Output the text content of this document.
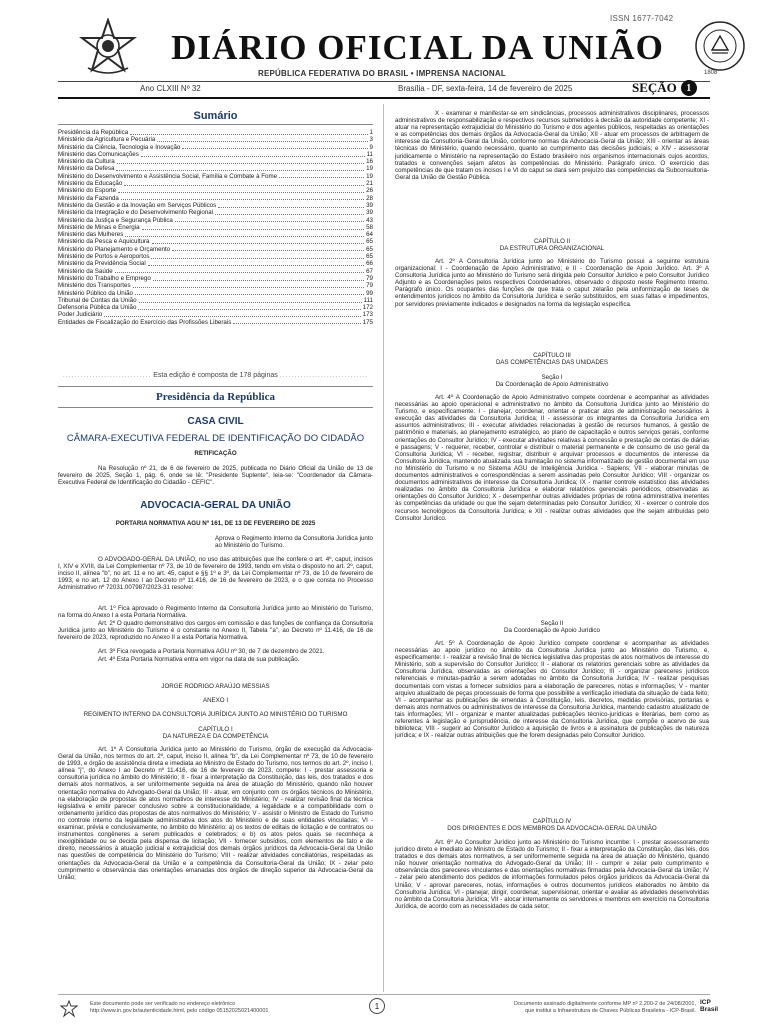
ISSN 1677-7042
DIÁRIO OFICIAL DA UNIÃO
REPÚBLICA FEDERATIVA DO BRASIL • IMPRENSA NACIONAL	1808
Ano CLXIII Nº 32	Brasília - DF, sexta-feira, 14 de fevereiro de 2025	SEÇÃO 1
Sumário
Presidência da República	1
Ministério da Agricultura e Pecuária	3
Ministério da Ciência, Tecnologia e Inovação	9
Ministério das Comunicações	11
Ministério da Cultura	16
Ministério da Defesa	19
Ministério do Desenvolvimento e Assistência Social, Família e Combate à Fome	19
Ministério da Educação	21
Ministério do Esporte	26
Ministério da Fazenda	28
Ministério da Gestão e da Inovação em Serviços Públicos	39
Ministério da Integração e do Desenvolvimento Regional	39
Ministério da Justiça e Segurança Pública	43
Ministério de Minas e Energia	58
Ministério das Mulheres	64
Ministério da Pesca e Aquicultura	65
Ministério do Planejamento e Orçamento	65
Ministério de Portos e Aeroportos	65
Ministério da Previdência Social	66
Ministério da Saúde	67
Ministério do Trabalho e Emprego	79
Ministério dos Transportes	79
Ministério Público da União	99
Tribunal de Contas da União	111
Defensoria Pública da União	172
Poder Judiciário	173
Entidades de Fiscalização do Exercício das Profissões Liberais	175
.............................. Esta edição é composta de 178 páginas ..............................
Presidência da República
CASA CIVIL
CÂMARA-EXECUTIVA FEDERAL DE IDENTIFICAÇÃO DO CIDADÃO
RETIFICAÇÃO
Na Resolução nº 21, de 6 de fevereiro de 2025, publicada no Diário Oficial da União de 13 de fevereiro de 2025, Seção 1, pág. 6, onde se lê: "Presidente Suplente", leia-se: "Coordenador da Câmara-Executiva Federal de Identificação do Cidadão - CEFIC".
ADVOCACIA-GERAL DA UNIÃO
PORTARIA NORMATIVA AGU Nº 161, DE 13 DE FEVEREIRO DE 2025
Aprova o Regimento Interno da Consultoria Jurídica junto ao Ministério do Turismo.
O ADVOGADO-GERAL DA UNIÃO, no uso das atribuições que lhe confere o art. 4º, caput, incisos I, XIV e XVIII, da Lei Complementar nº 73, de 10 de fevereiro de 1993, tendo em vista o disposto no art. 2º, caput, inciso II, alínea "b", no art. 11 e no art. 45, caput e §§ 1º e 3º, da Lei Complementar nº 73, de 10 de fevereiro de 1993, e no art. 12 do Anexo I ao Decreto nº 11.416, de 16 de fevereiro de 2023, e o que consta no Processo Administrativo nº 72031.007987/2023-31 resolve:
Art. 1º Fica aprovado o Regimento Interno da Consultoria Jurídica junto ao Ministério do Turismo, na forma do Anexo I a esta Portaria Normativa.
Art. 2º O quadro demonstrativo dos cargos em comissão e das funções de confiança da Consultoria Jurídica junto ao Ministério do Turismo é o constante no Anexo II, Tabela "a", ao Decreto nº 11.416, de 16 de fevereiro de 2023, reproduzido no Anexo II a esta Portaria Normativa.
Art. 3º Fica revogada a Portaria Normativa AGU nº 30, de 7 de dezembro de 2021.
Art. 4º Esta Portaria Normativa entra em vigor na data de sua publicação.
JORGE RODRIGO ARAÚJO MESSIAS
ANEXO I
REGIMENTO INTERNO DA CONSULTORIA JURÍDICA JUNTO AO MINISTÉRIO DO TURISMO
CAPÍTULO I
DA NATUREZA E DA COMPETÊNCIA
Art. 1º À Consultoria Jurídica junto ao Ministério do Turismo, órgão de execução da Advocacia-Geral da União, nos termos do art. 2º, caput, inciso II, alínea "b", da Lei Complementar nº 73, de 10 de fevereiro de 1993, e órgão de assistência direta e imediata ao Ministro de Estado do Turismo, nos termos do art. 2º, inciso I, alínea "j", do Anexo I ao Decreto nº 11.416, de 16 de fevereiro de 2023, compete: I - prestar assessoria e consultoria jurídica no âmbito do Ministério; II - fixar a interpretação da Constituição, das leis, dos tratados e dos demais atos normativos, a ser uniformemente seguida na área de atuação do Ministério, quando não houver orientação normativa do Advogado-Geral da União; III - atuar, em conjunto com os órgãos técnicos do Ministério, na elaboração de propostas de atos normativos de interesse do Ministério; IV - realizar revisão final da técnica legislativa e emitir parecer conclusivo sobre a constitucionalidade, a legalidade e a compatibilidade com o ordenamento jurídico das propostas de atos normativos do Ministério; V - assistir o Ministro de Estado do Turismo no controle interno da legalidade administrativa dos atos do Ministério e de suas entidades vinculadas; VI - examinar, prévia e conclusivamente, no âmbito do Ministério: a) os textos de editais de licitação e de contratos ou instrumentos congêneres a serem publicados e celebrados; e b) os atos pelos quais se reconheça a inexigibilidade ou se decida pela dispensa de licitação; VII - fornecer subsídios, com elementos de fato e de direito, necessários à atuação judicial e extrajudicial dos demais órgãos jurídicos da Advocacia-Geral da União nas questões de competência do Ministério do Turismo; VIII - realizar atividades conciliatórias, respeitadas as orientações da Advocacia-Geral da União e a competência da Consultoria-Geral da União; IX - zelar pelo cumprimento e observância das orientações emanadas dos órgãos de direção superior da Advocacia-Geral da União;
X - examinar e manifestar-se em sindicâncias, processos administrativos disciplinares, processos administrativos de responsabilização e respectivos recursos submetidos à decisão da autoridade competente; XI - atuar na representação extrajudicial do Ministério do Turismo e dos agentes públicos, respeitadas as orientações e as competências dos demais órgãos da Advocacia-Geral da União; XII - atuar em processos de arbitragem de interesse da Consultoria-Geral da União, conforme normas da Advocacia-Geral da União; XIII - orientar as áreas técnicas do Ministério, quando necessário, quanto ao cumprimento das decisões judiciais; e XIV - assessorar juridicamente o Ministério na representação do Estado brasileiro nos organismos internacionais cujos acordos, tratados e convenções sejam afetos às competências do Ministério. Parágrafo único. O exercício das competências de que tratam os incisos I e VI do caput se dará sem prejuízo das competências da Subconsultoria-Geral da União de Gestão Pública.
CAPÍTULO II
DA ESTRUTURA ORGANIZACIONAL
Art. 2º A Consultoria Jurídica junto ao Ministério do Turismo possui a seguinte estrutura organizacional: I - Coordenação de Apoio Administrativo; e II - Coordenação de Apoio Jurídico. Art. 3º A Consultoria Jurídica junto ao Ministério do Turismo será dirigida pelo Consultor Jurídico e pelo Consultor Jurídico Adjunto e as Coordenações pelos respectivos Coordenadores, observado o disposto neste Regimento Interno. Parágrafo único. Os ocupantes das funções de que trata o caput zelarão pela uniformização de teses de entendimentos jurídicos no âmbito da Consultoria Jurídica e serão substituídos, em suas faltas e impedimentos, por servidores previamente indicados e designados na forma da legislação específica.
CAPÍTULO III
DAS COMPETÊNCIAS DAS UNIDADES
Seção I
Da Coordenação de Apoio Administrativo
Art. 4º À Coordenação de Apoio Administrativo compete coordenar e acompanhar as atividades necessárias ao apoio operacional e administrativo no âmbito da Consultoria Jurídica junto ao Ministério do Turismo, e especificamente: I - planejar, coordenar, orientar e praticar atos de administração necessários à execução das atividades da Consultoria Jurídica; II - assessorar os integrantes da Consultoria Jurídica em assuntos administrativos; III - executar atividades relacionadas à gestão de recursos humanos, à gestão de patrimônio e materiais, ao planejamento estratégico, ao plano de capacitação e outros serviços gerais, conforme orientações do Consultor Jurídico; IV - executar atividades relativas à concessão e prestação de contas de diárias e passagens; V - requerer, receber, controlar e distribuir o material permanente e de consumo de uso geral da Consultoria Jurídica; VI - receber, registrar, distribuir e arquivar processos e documentos de interesse da Consultoria Jurídica, mantendo atualizada sua tramitação no sistema informatizado de gestão documental em uso no Ministério do Turismo e no Sistema AGU de Inteligência Jurídica - Sapiens; VII - elaborar minutas de documentos administrativos e correspondências a serem assinadas pelo Consultor Jurídico; VIII - organizar os documentos administrativos de interesse da Consultoria Jurídica; IX - manter controle estatístico das atividades realizadas no âmbito da Consultoria Jurídica e elaborar relatórios gerenciais periódicos, observadas as orientações do Consultor Jurídico; X - desempenhar outras atividades próprias de rotina administrativa inerentes às competências da unidade ou que lhe sejam determinadas pelo Consultor Jurídico; XI - exercer o controle dos recursos tecnológicos da Consultoria Jurídica; e XII - realizar outras atividades que lhe sejam atribuídas pelo Consultor Jurídico.
Seção II
Da Coordenação de Apoio Jurídico
Art. 5º À Coordenação de Apoio Jurídico compete coordenar e acompanhar as atividades necessárias ao apoio jurídico no âmbito da Consultoria Jurídica junto ao Ministério do Turismo, e, especificamente: I - realizar a revisão final de técnica legislativa das propostas de atos normativos de interesse do Ministério, sob a supervisão do Consultor Jurídico; II - elaborar os relatórios gerenciais sobre as atividades da Consultoria Jurídica, observadas as orientações do Consultor Jurídico; III - organizar pareceres jurídicos referenciais e minutas-padrão a serem adotadas no âmbito da Consultoria Jurídica; IV - realizar pesquisas documentais com vistas a fornecer subsídios para a elaboração de pareceres, notas e informações; V - manter arquivo atualizado de peças processuais de forma que possibilite a verificação imediata da situação de cada feito; VI - acompanhar as publicações de emendas à Constituição, leis, decretos, medidas provisórias, portarias e demais atos normativos ou administrativos de interesse da Consultoria Jurídica, mantendo cadastro atualizado de tais informações; VII - organizar e manter atualizadas publicações técnico-jurídicas e literárias, bem como as referentes à legislação e jurisprudência, de interesse da Consultoria Jurídica, que compõe o acervo de sua biblioteca; VIII - sugerir ao Consultor Jurídico a aquisição de livros e a assinatura de publicações de natureza jurídica; e IX - realizar outras atribuições que lhe forem designadas pelo Consultor Jurídico.
CAPÍTULO IV
DOS DIRIGENTES E DOS MEMBROS DA ADVOCACIA-GERAL DA UNIÃO
Art. 6º Ao Consultor Jurídico junto ao Ministério do Turismo incumbe: I - prestar assessoramento jurídico direto e imediato ao Ministro de Estado do Turismo; II - fixar a interpretação da Constituição, das leis, dos tratados e dos demais atos normativos, a ser uniformemente seguida na área de atuação do Ministério, quando não houver orientação normativa do Advogado-Geral da União; III - cumprir e zelar pelo cumprimento e observância dos pareceres vinculantes e das orientações normativas firmadas pela Advocacia-Geral da União; IV - zelar pelo atendimento dos pedidos de informações formulados pelos órgãos jurídicos da Advocacia-Geral da União; V - aprovar pareceres, notas, informações e outros documentos jurídicos elaborados no âmbito da Consultoria Jurídica; VI - planejar, dirigir, coordenar, supervisionar, orientar e avaliar as atividades desenvolvidas no âmbito da Consultoria Jurídica; VII - alocar internamente os servidores e membros em exercício na Consultoria Jurídica, de acordo com as necessidades de cada setor;
Este documento pode ser verificado no endereço eletrônico
http://www.in.gov.br/autenticidade.html, pelo código 05152025021400001
1	Documento assinado digitalmente conforme MP nº 2.200-2 de 24/08/2001,
que institui a Infraestrutura de Chaves Públicas Brasileira - ICP-Brasil.
ICP Brasil
